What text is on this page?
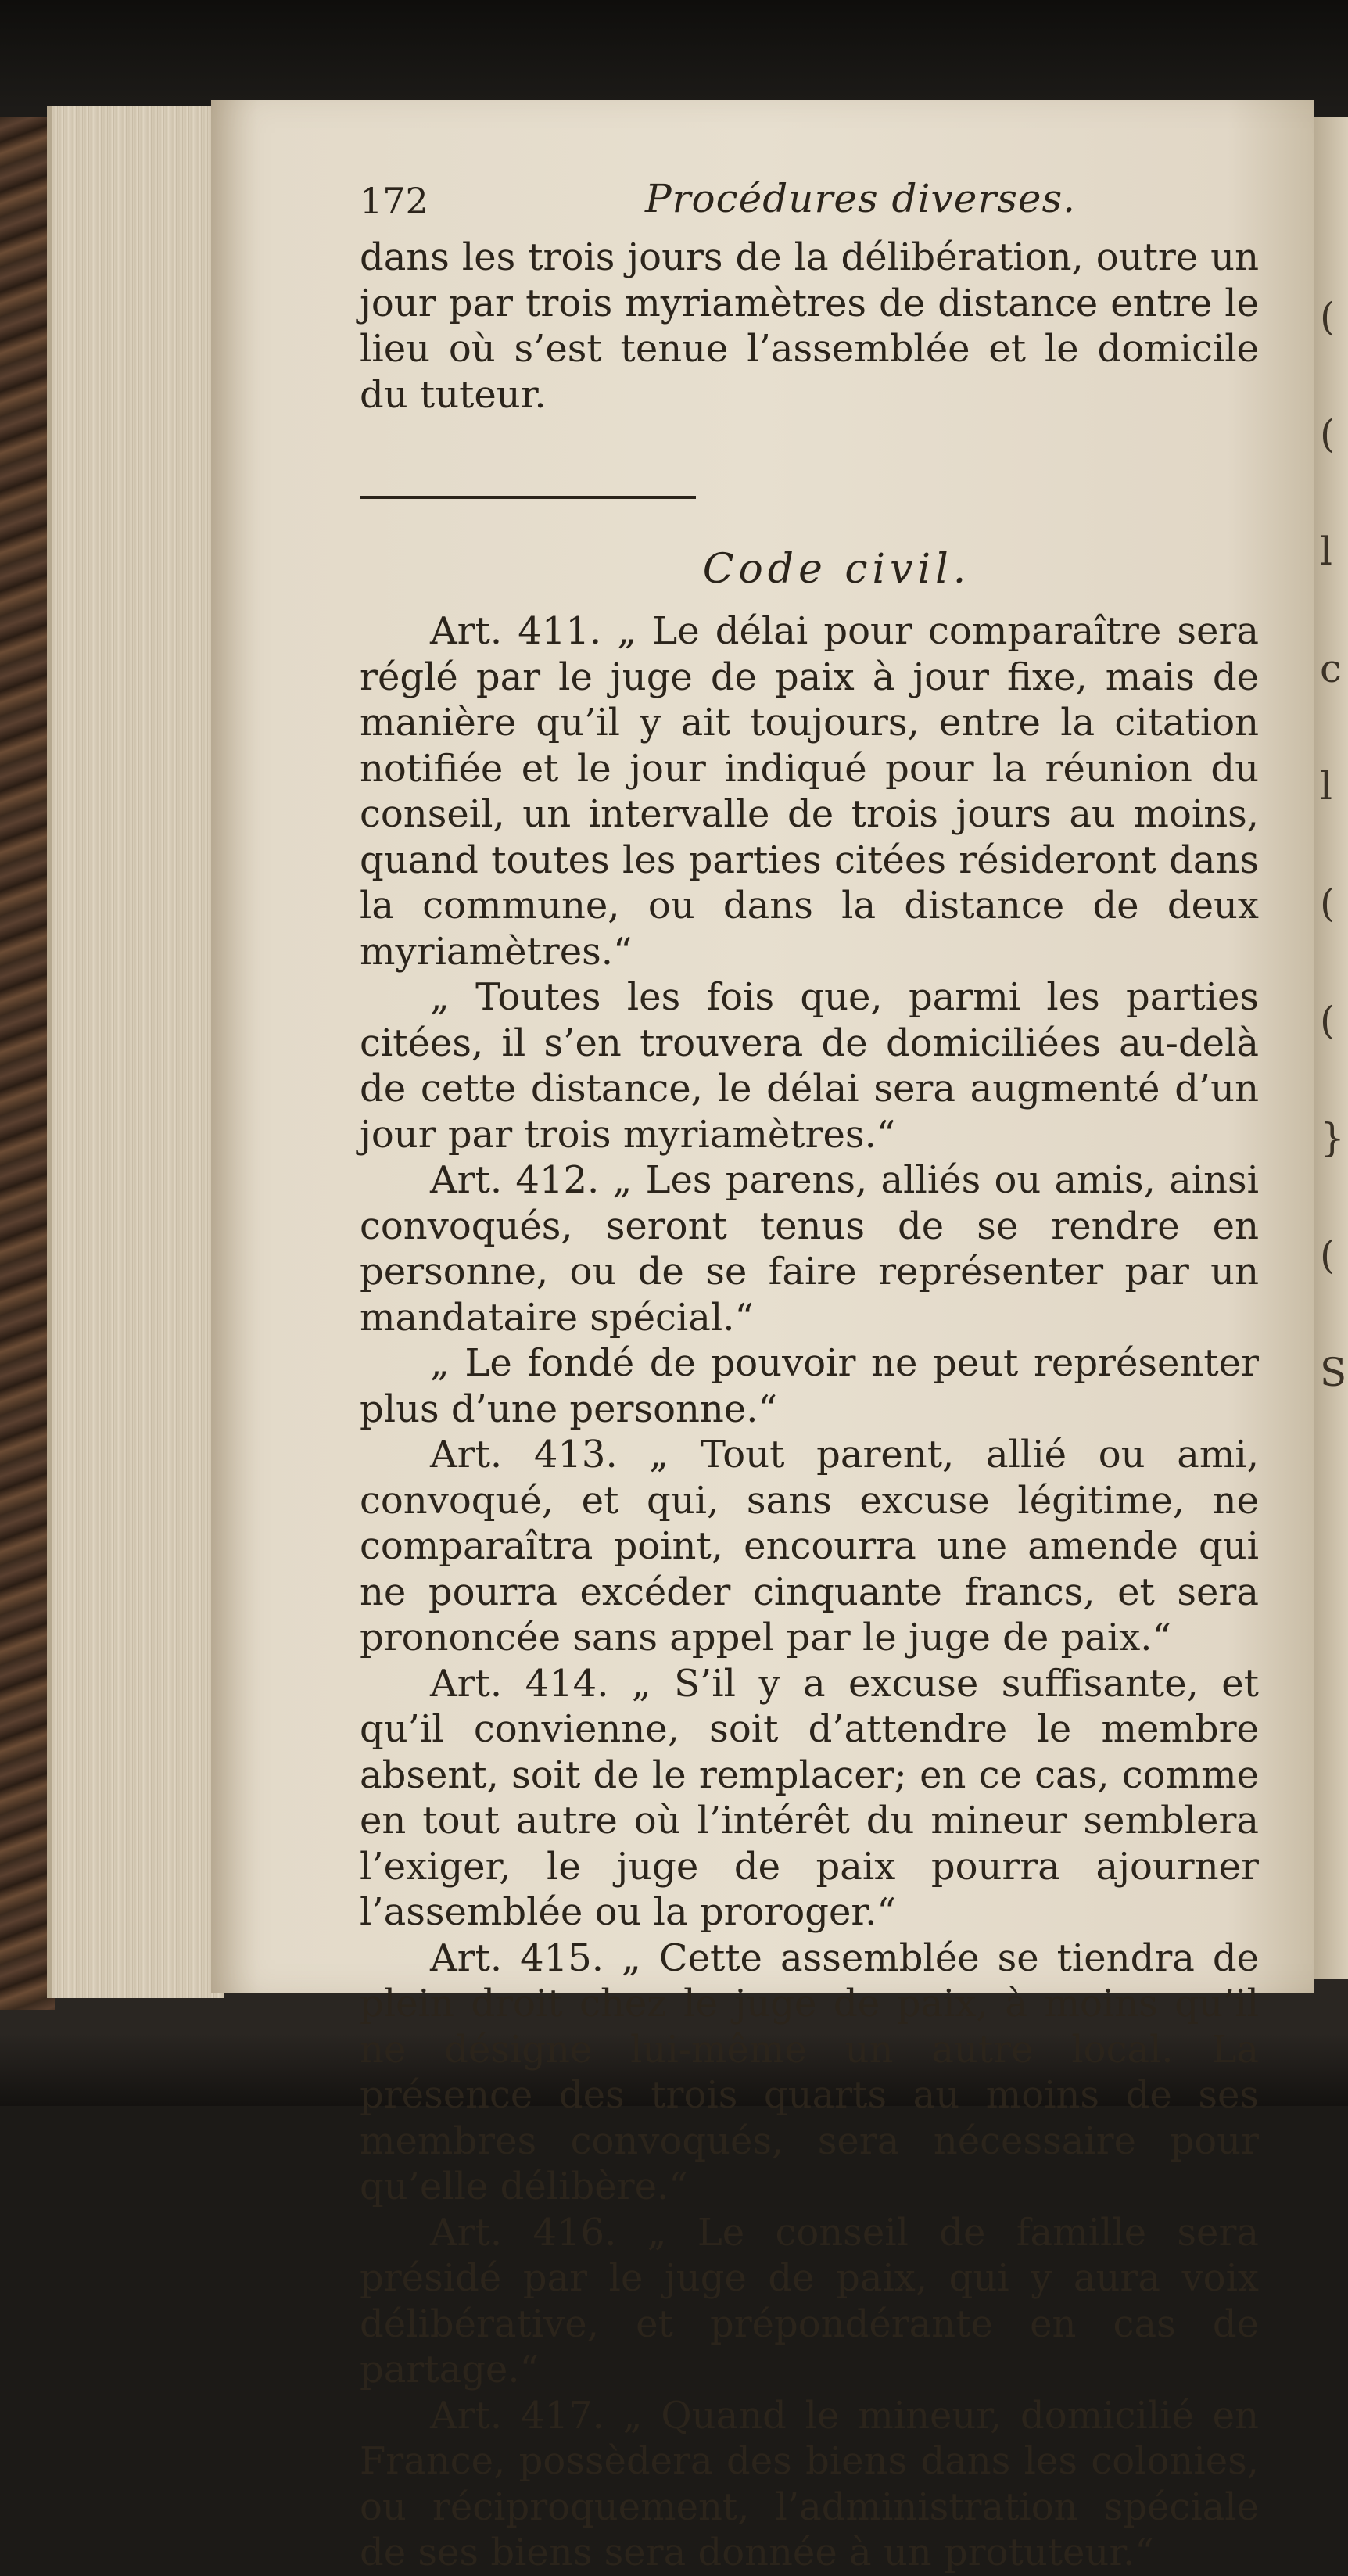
(
(
l
c
l
(
(
}
(
S
172	Procédures diverses.

dans les trois jours de la délibération, outre un jour par trois myriamètres de distance entre le lieu où s’est tenue l’assemblée et le domicile du tuteur.

Code civil.

Art. 411. „ Le délai pour comparaître sera réglé par le juge de paix à jour fixe, mais de manière qu’il y ait toujours, entre la citation notifiée et le jour indiqué pour la réunion du conseil, un intervalle de trois jours au moins, quand toutes les parties citées résideront dans la commune, ou dans la distance de deux myriamètres.“

„ Toutes les fois que, parmi les parties citées, il s’en trouvera de domiciliées au-delà de cette distance, le délai sera augmenté d’un jour par trois myriamètres.“

Art. 412. „ Les parens, alliés ou amis, ainsi convoqués, seront tenus de se rendre en personne, ou de se faire représenter par un mandataire spécial.“

„ Le fondé de pouvoir ne peut représenter plus d’une personne.“

Art. 413. „ Tout parent, allié ou ami, convoqué, et qui, sans excuse légitime, ne comparaîtra point, encourra une amende qui ne pourra excéder cinquante francs, et sera prononcée sans appel par le juge de paix.“

Art. 414. „ S’il y a excuse suffisante, et qu’il convienne, soit d’attendre le membre absent, soit de le remplacer; en ce cas, comme en tout autre où l’intérêt du mineur semblera l’exiger, le juge de paix pourra ajourner l’assemblée ou la proroger.“

Art. 415. „ Cette assemblée se tiendra de plein droit chez le juge de paix, à moins qu’il ne désigne lui-même un autre local. La présence des trois quarts au moins de ses membres convoqués, sera nécessaire pour qu’elle délibère.“

Art. 416. „ Le conseil de famille sera présidé par le juge de paix, qui y aura voix délibérative, et prépondérante en cas de partage.“

Art. 417. „ Quand le mineur, domicilié en France, possèdera des biens dans les colonies, ou réciproquement, l’administration spéciale de ses biens sera donnée à un protuteur.“
